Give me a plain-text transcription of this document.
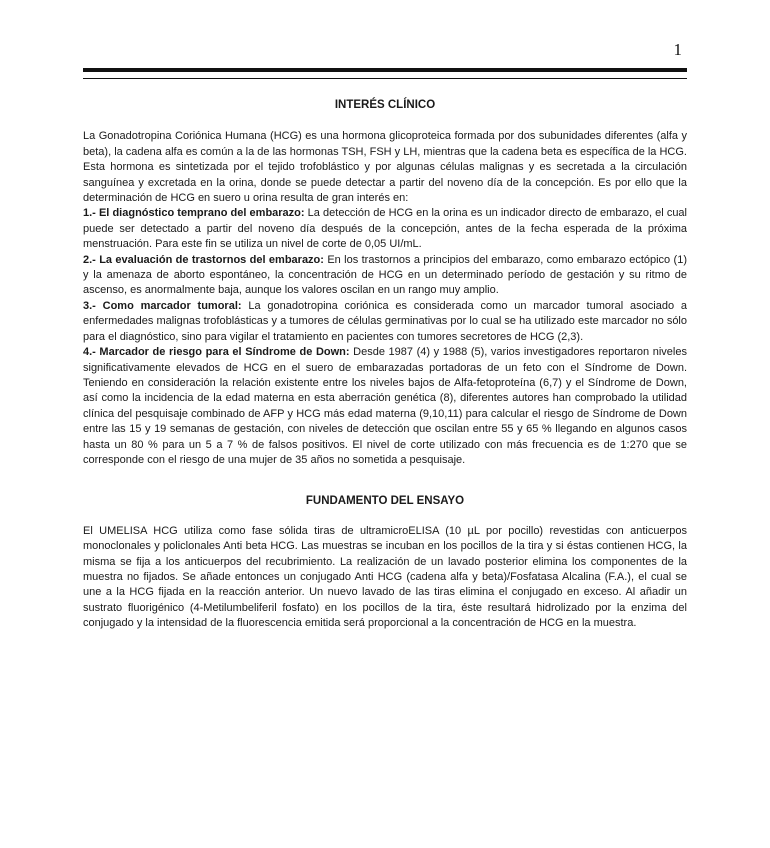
1
INTERÉS CLÍNICO

La Gonadotropina Coriónica Humana (HCG) es una hormona glicoproteica formada por dos subunidades diferentes (alfa y beta), la cadena alfa es común a la de las hormonas TSH, FSH y LH, mientras que la cadena beta es específica de la HCG. Esta hormona es sintetizada por el tejido trofoblástico y por algunas células malignas y es secretada a la circulación sanguínea y excretada en la orina, donde se puede detectar a partir del noveno día de la concepción. Es por ello que la determinación de HCG en suero u orina resulta de gran interés en:

1.- El diagnóstico temprano del embarazo: La detección de HCG en la orina es un indicador directo de embarazo, el cual puede ser detectado a partir del noveno día después de la concepción, antes de la fecha esperada de la próxima menstruación. Para este fin se utiliza un nivel de corte de 0,05 UI/mL.

2.- La evaluación de trastornos del embarazo: En los trastornos a principios del embarazo, como embarazo ectópico (1) y la amenaza de aborto espontáneo, la concentración de HCG en un determinado período de gestación y su ritmo de ascenso, es anormalmente baja, aunque los valores oscilan en un rango muy amplio.

3.- Como marcador tumoral: La gonadotropina coriónica es considerada como un marcador tumoral asociado a enfermedades malignas trofoblásticas y a tumores de células germinativas por lo cual se ha utilizado este marcador no sólo para el diagnóstico, sino para vigilar el tratamiento en pacientes con tumores secretores de HCG (2,3).

4.- Marcador de riesgo para el Síndrome de Down: Desde 1987 (4) y 1988 (5), varios investigadores reportaron niveles significativamente elevados de HCG en el suero de embarazadas portadoras de un feto con el Síndrome de Down. Teniendo en consideración la relación existente entre los niveles bajos de Alfa-fetoproteína (6,7) y el Síndrome de Down, así como la incidencia de la edad materna en esta aberración genética (8), diferentes autores han comprobado la utilidad clínica del pesquisaje combinado de AFP y HCG más edad materna (9,10,11) para calcular el riesgo de Síndrome de Down entre las 15 y 19 semanas de gestación, con niveles de detección que oscilan entre 55 y 65 % llegando en algunos casos hasta un 80 % para un 5 a 7 % de falsos positivos. El nivel de corte utilizado con más frecuencia es de 1:270 que se corresponde con el riesgo de una mujer de 35 años no sometida a pesquisaje.

FUNDAMENTO DEL ENSAYO

El UMELISA HCG utiliza como fase sólida tiras de ultramicroELISA (10 µL por pocillo) revestidas con anticuerpos monoclonales y policlonales Anti beta HCG. Las muestras se incuban en los pocillos de la tira y si éstas contienen HCG, la misma se fija a los anticuerpos del recubrimiento. La realización de un lavado posterior elimina los componentes de la muestra no fijados. Se añade entonces un conjugado Anti HCG (cadena alfa y beta)/Fosfatasa Alcalina (F.A.), el cual se une a la HCG fijada en la reacción anterior. Un nuevo lavado de las tiras elimina el conjugado en exceso. Al añadir un sustrato fluorigénico (4-Metilumbeliferil fosfato) en los pocillos de la tira, éste resultará hidrolizado por la enzima del conjugado y la intensidad de la fluorescencia emitida será proporcional a la concentración de HCG en la muestra.
